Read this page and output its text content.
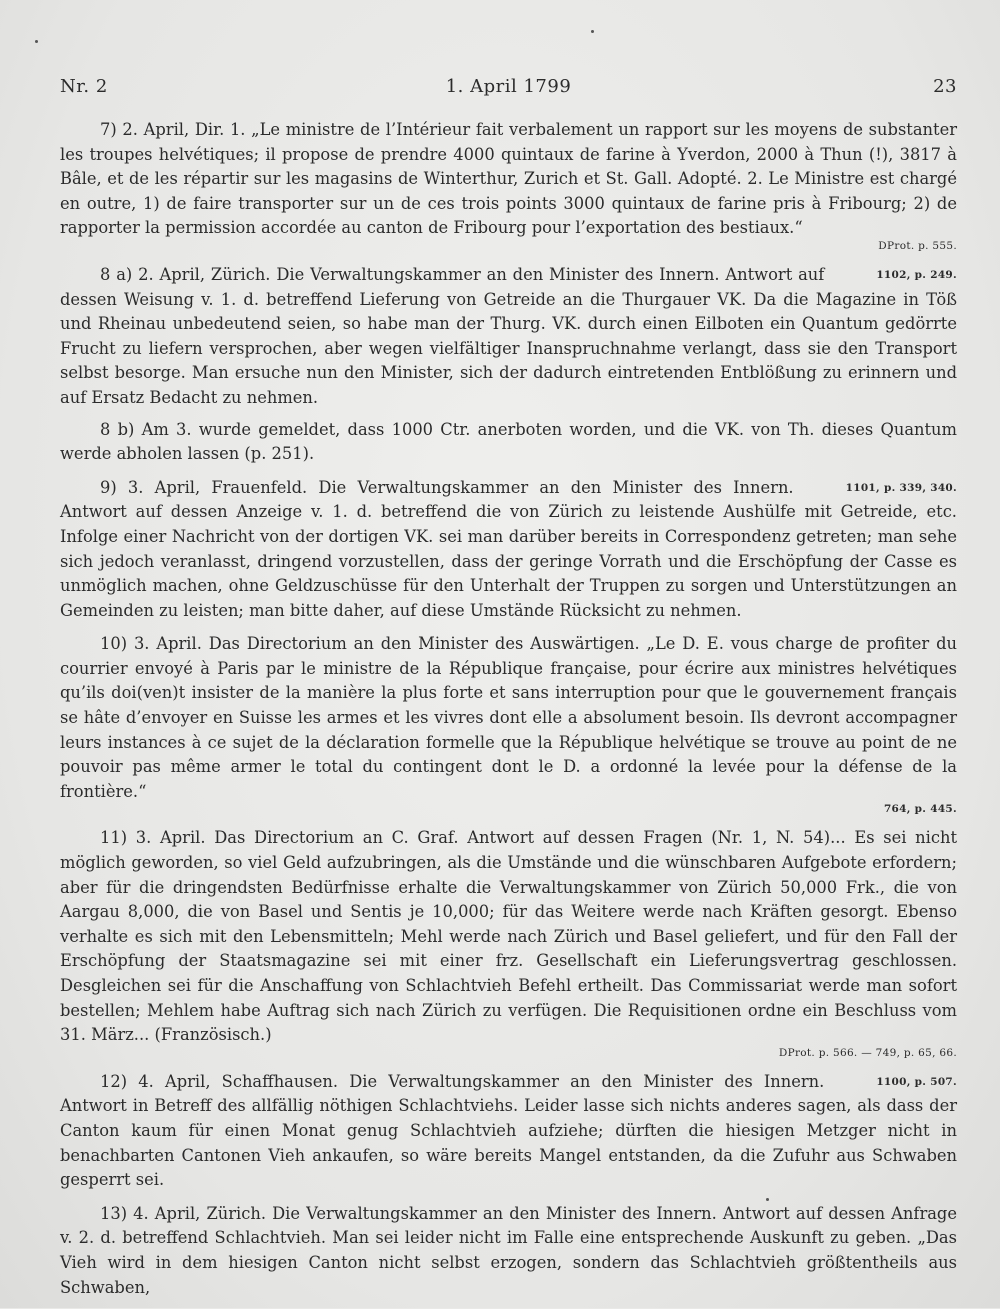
Nr. 2	1. April 1799	23

7) 2. April, Dir. 1. „Le ministre de l’Intérieur fait verbalement un rapport sur les moyens de substanter les troupes helvétiques; il propose de prendre 4000 quintaux de farine à Yverdon, 2000 à Thun (!), 3817 à Bâle, et de les répartir sur les magasins de Winterthur, Zurich et St. Gall. Adopté. 2. Le Ministre est chargé en outre, 1) de faire transporter sur un de ces trois points 3000 quintaux de farine pris à Fribourg; 2) de rapporter la permission accordée au canton de Fribourg pour l’exportation des bestiaux.“

DProt. p. 555.

1102, p. 249.
8 a) 2. April, Zürich. Die Verwaltungskammer an den Minister des Innern. Antwort auf dessen Weisung v. 1. d. betreffend Lieferung von Getreide an die Thurgauer VK. Da die Magazine in Töß und Rheinau unbedeutend seien, so habe man der Thurg. VK. durch einen Eilboten ein Quantum gedörrte Frucht zu liefern versprochen, aber wegen vielfältiger Inanspruchnahme verlangt, dass sie den Transport selbst besorge. Man ersuche nun den Minister, sich der dadurch eintretenden Entblößung zu erinnern und auf Ersatz Bedacht zu nehmen.

8 b) Am 3. wurde gemeldet, dass 1000 Ctr. anerboten worden, und die VK. von Th. dieses Quantum werde abholen lassen (p. 251).

1101, p. 339, 340.
9) 3. April, Frauenfeld. Die Verwaltungskammer an den Minister des Innern. Antwort auf dessen Anzeige v. 1. d. betreffend die von Zürich zu leistende Aushülfe mit Getreide, etc. Infolge einer Nachricht von der dortigen VK. sei man darüber bereits in Correspondenz getreten; man sehe sich jedoch veranlasst, dringend vorzustellen, dass der geringe Vorrath und die Erschöpfung der Casse es unmöglich machen, ohne Geldzuschüsse für den Unterhalt der Truppen zu sorgen und Unterstützungen an Gemeinden zu leisten; man bitte daher, auf diese Umstände Rücksicht zu nehmen.

10) 3. April. Das Directorium an den Minister des Auswärtigen. „Le D. E. vous charge de profiter du courrier envoyé à Paris par le ministre de la République française, pour écrire aux ministres helvétiques qu’ils doi(ven)t insister de la manière la plus forte et sans interruption pour que le gouvernement français se hâte d’envoyer en Suisse les armes et les vivres dont elle a absolument besoin. Ils devront accompagner leurs instances à ce sujet de la déclaration formelle que la République helvétique se trouve au point de ne pouvoir pas même armer le total du contingent dont le D. a ordonné la levée pour la défense de la frontière.“

764, p. 445.

11) 3. April. Das Directorium an C. Graf. Antwort auf dessen Fragen (Nr. 1, N. 54)... Es sei nicht möglich geworden, so viel Geld aufzubringen, als die Umstände und die wünschbaren Aufgebote erfordern; aber für die dringendsten Bedürfnisse erhalte die Verwaltungskammer von Zürich 50,000 Frk., die von Aargau 8,000, die von Basel und Sentis je 10,000; für das Weitere werde nach Kräften gesorgt. Ebenso verhalte es sich mit den Lebensmitteln; Mehl werde nach Zürich und Basel geliefert, und für den Fall der Erschöpfung der Staatsmagazine sei mit einer frz. Gesellschaft ein Lieferungsvertrag geschlossen. Desgleichen sei für die Anschaffung von Schlachtvieh Befehl ertheilt. Das Commissariat werde man sofort bestellen; Mehlem habe Auftrag sich nach Zürich zu verfügen. Die Requisitionen ordne ein Beschluss vom 31. März... (Französisch.)

DProt. p. 566. — 749, p. 65, 66.

1100, p. 507.
12) 4. April, Schaffhausen. Die Verwaltungskammer an den Minister des Innern. Antwort in Betreff des allfällig nöthigen Schlachtviehs. Leider lasse sich nichts anderes sagen, als dass der Canton kaum für einen Monat genug Schlachtvieh aufziehe; dürften die hiesigen Metzger nicht in benachbarten Cantonen Vieh ankaufen, so wäre bereits Mangel entstanden, da die Zufuhr aus Schwaben gesperrt sei.

13) 4. April, Zürich. Die Verwaltungskammer an den Minister des Innern. Antwort auf dessen Anfrage v. 2. d. betreffend Schlachtvieh. Man sei leider nicht im Falle eine entsprechende Auskunft zu geben. „Das Vieh wird in dem hiesigen Canton nicht selbst erzogen, sondern das Schlachtvieh größtentheils aus Schwaben,
